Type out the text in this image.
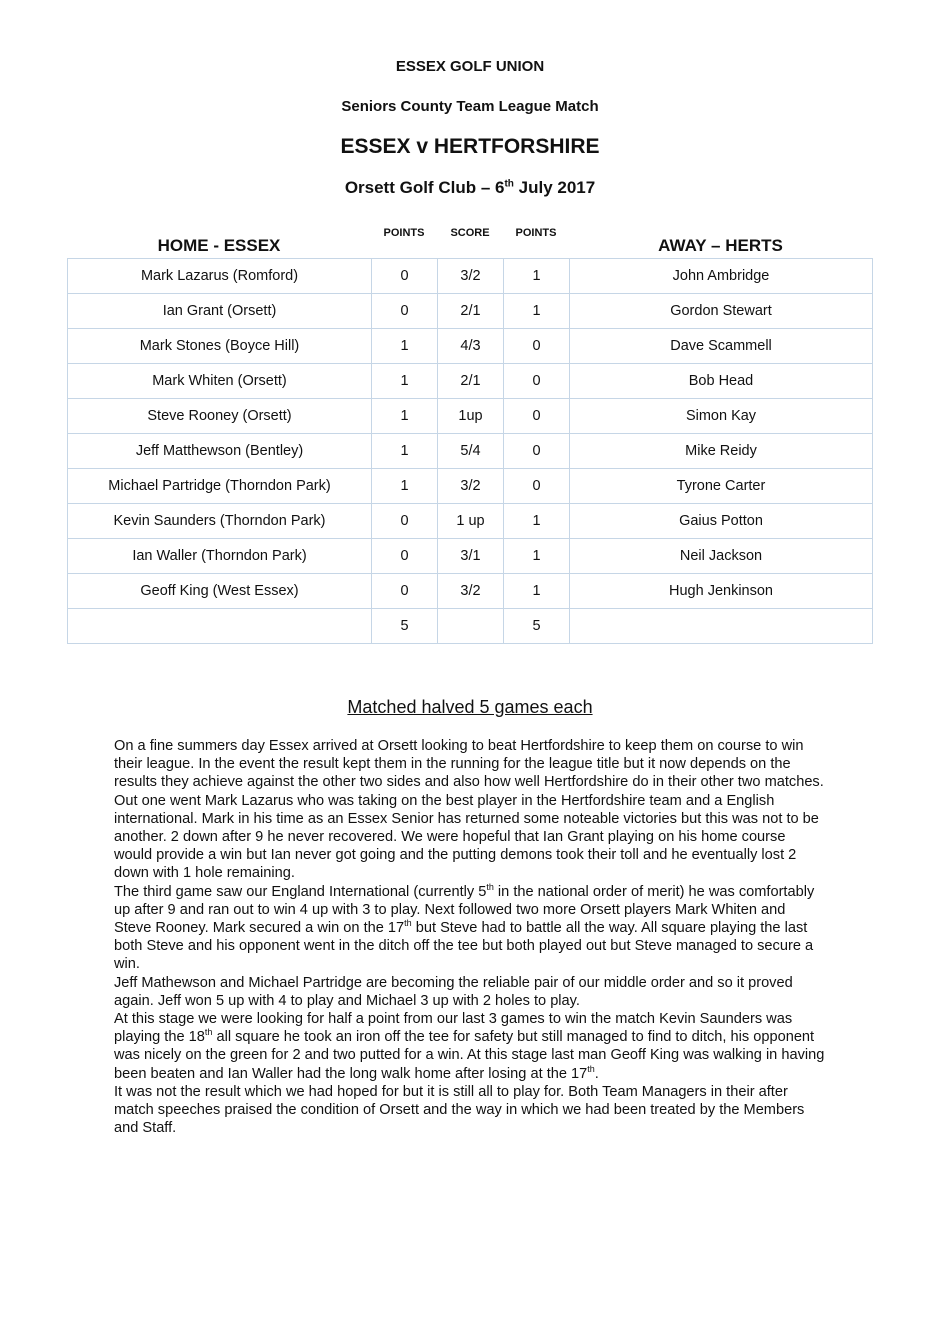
ESSEX GOLF UNION
Seniors County Team League Match
ESSEX v HERTFORSHIRE
Orsett Golf Club – 6th July 2017
HOME - ESSEX
POINTS	SCORE	POINTS
AWAY – HERTS
Mark Lazarus (Romford)	0	3/2	1	John Ambridge
Ian Grant (Orsett)	0	2/1	1	Gordon Stewart
Mark Stones (Boyce Hill)	1	4/3	0	Dave Scammell
Mark Whiten (Orsett)	1	2/1	0	Bob Head
Steve Rooney (Orsett)	1	1up	0	Simon Kay
Jeff Matthewson (Bentley)	1	5/4	0	Mike Reidy
Michael Partridge (Thorndon Park)	1	3/2	0	Tyrone Carter
Kevin Saunders (Thorndon Park)	0	1 up	1	Gaius Potton
Ian Waller (Thorndon Park)	0	3/1	1	Neil Jackson
Geoff King (West Essex)	0	3/2	1	Hugh Jenkinson
	5		5	
Matched halved 5 games each

On a fine summers day Essex arrived at Orsett looking to beat Hertfordshire to keep them on course to win their league. In the event the result kept them in the running for the league title but it now depends on the results they achieve against the other two sides and also how well Hertfordshire do in their other two matches.

Out one went Mark Lazarus who was taking on the best player in the Hertfordshire team and a English international. Mark in his time as an Essex Senior has returned some noteable victories but this was not to be another. 2 down after 9 he never recovered. We were hopeful that Ian Grant playing on his home course would provide a win but Ian never got going and the putting demons took their toll and he eventually lost 2 down with 1 hole remaining.

The third game saw our England International (currently 5th in the national order of merit) he was comfortably up after 9 and ran out to win 4 up with 3 to play. Next followed two more Orsett players Mark Whiten and Steve Rooney. Mark secured a win on the 17th but Steve had to battle all the way. All square playing the last both Steve and his opponent went in the ditch off the tee but both played out but Steve managed to secure a win.

Jeff Mathewson and Michael Partridge are becoming the reliable pair of our middle order and so it proved again. Jeff won 5 up with 4 to play and Michael 3 up with 2 holes to play.

At this stage we were looking for half a point from our last 3 games to win the match Kevin Saunders was playing the 18th all square he took an iron off the tee for safety but still managed to find to ditch, his opponent was nicely on the green for 2 and two putted for a win. At this stage last man Geoff King was walking in having been beaten and Ian Waller had the long walk home after losing at the 17th.

It was not the result which we had hoped for but it is still all to play for. Both Team Managers in their after match speeches praised the condition of Orsett and the way in which we had been treated by the Members and Staff.
